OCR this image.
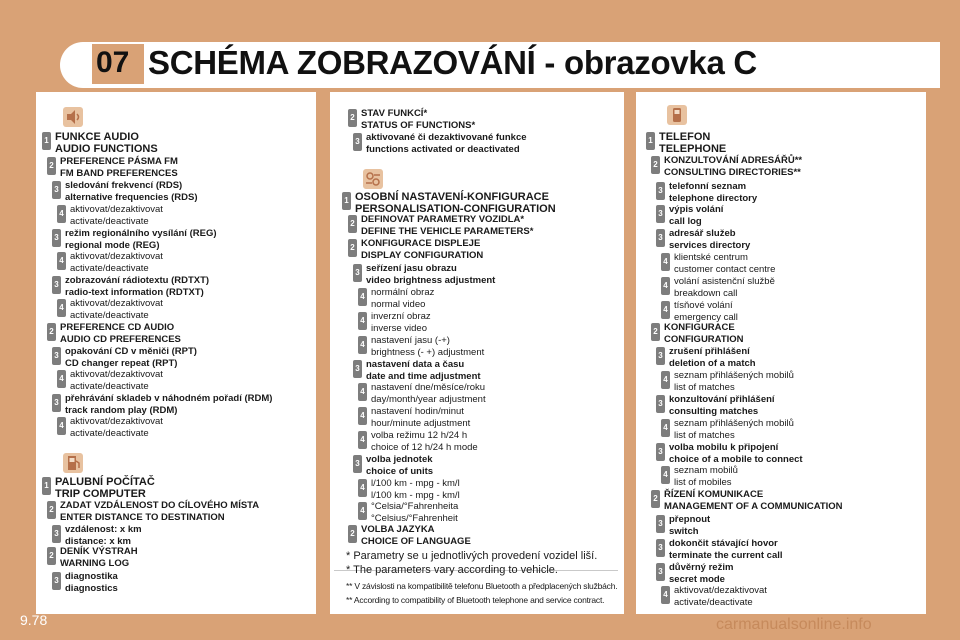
07 SCHÉMA ZOBRAZOVÁNÍ - obrazovka C
1 FUNKCE AUDIO
AUDIO FUNCTIONS
2 PREFERENCE PÁSMA FM
FM BAND PREFERENCES
3 sledování frekvencí (RDS)
alternative frequencies (RDS)
4 aktivovat/dezaktivovat
activate/deactivate
3 režim regionálního vysílání (REG)
regional mode (REG)
4 aktivovat/dezaktivovat
activate/deactivate
3 zobrazování rádiotextu (RDTXT)
radio-text information (RDTXT)
4 aktivovat/dezaktivovat
activate/deactivate
2 PREFERENCE CD AUDIO
AUDIO CD PREFERENCES
3 opakování CD v měniči (RPT)
CD changer repeat (RPT)
4 aktivovat/dezaktivovat
activate/deactivate
3 přehrávání skladeb v náhodném pořadí (RDM)
track random play (RDM)
4 aktivovat/dezaktivovat
activate/deactivate
1 PALUBNÍ POČÍTAČ
TRIP COMPUTER
2 ZADAT VZDÁLENOST DO CÍLOVÉHO MÍSTA
ENTER DISTANCE TO DESTINATION
3 vzdálenost: x km
distance: x km
2 DENÍK VÝSTRAH
WARNING LOG
3 diagnostika
diagnostics
2 STAV FUNKCÍ*
STATUS OF FUNCTIONS*
3 aktivované či dezaktivované funkce
functions activated or deactivated
1 OSOBNÍ NASTAVENÍ-KONFIGURACE
PERSONALISATION-CONFIGURATION
2 DEFINOVAT PARAMETRY VOZIDLA*
DEFINE THE VEHICLE PARAMETERS*
2 KONFIGURACE DISPLEJE
DISPLAY CONFIGURATION
3 seřízení jasu obrazu
video brightness adjustment
4 normální obraz
normal video
4 inverzní obraz
inverse video
4 nastavení jasu (-+)
brightness (- +) adjustment
3 nastavení data a času
date and time adjustment
4 nastavení dne/měsíce/roku
day/month/year adjustment
4 nastavení hodin/minut
hour/minute adjustment
4 volba režimu 12 h/24 h
choice of 12 h/24 h mode
3 volba jednotek
choice of units
4 l/100 km - mpg - km/l
l/100 km - mpg - km/l
4 °Celsia/°Fahrenheita
°Celsius/°Fahrenheit
2 VOLBA JAZYKA
CHOICE OF LANGUAGE
* Parametry se u jednotlivých provedení vozidel liší.
* The parameters vary according to vehicle.
** V závislosti na kompatibilitě telefonu Bluetooth a předplacených službách.
** According to compatibility of Bluetooth telephone and service contract.
1 TELEFON
TELEPHONE
2 KONZULTOVÁNÍ ADRESÁŘŮ**
CONSULTING DIRECTORIES**
3 telefonní seznam
telephone directory
3 výpis volání
call log
3 adresář služeb
services directory
4 klientské centrum
customer contact centre
4 volání asistenční službě
breakdown call
4 tísňové volání
emergency call
2 KONFIGURACE
CONFIGURATION
3 zrušení přihlášení
deletion of a match
4 seznam přihlášených mobilů
list of matches
3 konzultování přihlášení
consulting matches
4 seznam přihlášených mobilů
list of matches
3 volba mobilu k připojení
choice of a mobile to connect
4 seznam mobilů
list of mobiles
2 ŘÍZENÍ KOMUNIKACE
MANAGEMENT OF A COMMUNICATION
3 přepnout
switch
3 dokončit stávající hovor
terminate the current call
3 důvěrný režim
secret mode
4 aktivovat/dezaktivovat
activate/deactivate
9.78	carmanualsonline.info
